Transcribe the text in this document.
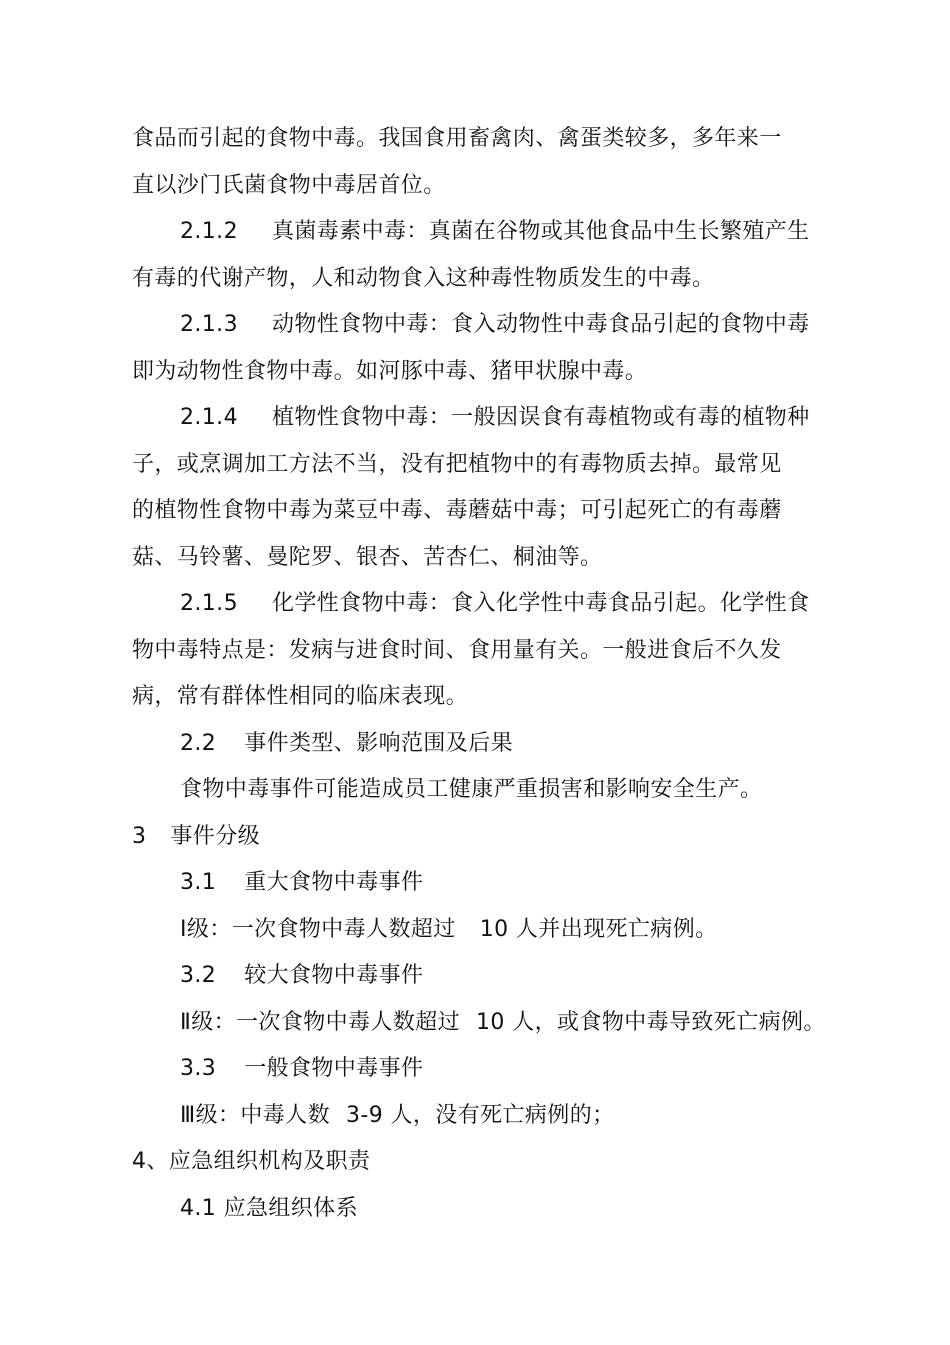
食品而引起的食物中毒。我国食用畜禽肉、禽蛋类较多，多年来一
直以沙门氏菌食物中毒居首位。
2.1.2 真菌毒素中毒：真菌在谷物或其他食品中生长繁殖产生
有毒的代谢产物，人和动物食入这种毒性物质发生的中毒。
2.1.3 动物性食物中毒：食入动物性中毒食品引起的食物中毒
即为动物性食物中毒。如河豚中毒、猪甲状腺中毒。
2.1.4 植物性食物中毒：一般因误食有毒植物或有毒的植物种
子，或烹调加工方法不当，没有把植物中的有毒物质去掉。最常见
的植物性食物中毒为菜豆中毒、毒蘑菇中毒；可引起死亡的有毒蘑
菇、马铃薯、曼陀罗、银杏、苦杏仁、桐油等。
2.1.5 化学性食物中毒：食入化学性中毒食品引起。化学性食
物中毒特点是：发病与进食时间、食用量有关。一般进食后不久发
病，常有群体性相同的临床表现。
2.2 事件类型、影响范围及后果
食物中毒事件可能造成员工健康严重损害和影响安全生产。
3 事件分级
3.1 重大食物中毒事件
Ⅰ级：一次食物中毒人数超过 10 人并出现死亡病例。
3.2 较大食物中毒事件
Ⅱ级：一次食物中毒人数超过 10 人，或食物中毒导致死亡病例。
3.3 一般食物中毒事件
Ⅲ级：中毒人数 3-9 人，没有死亡病例的；
4、应急组织机构及职责
4.1 应急组织体系
